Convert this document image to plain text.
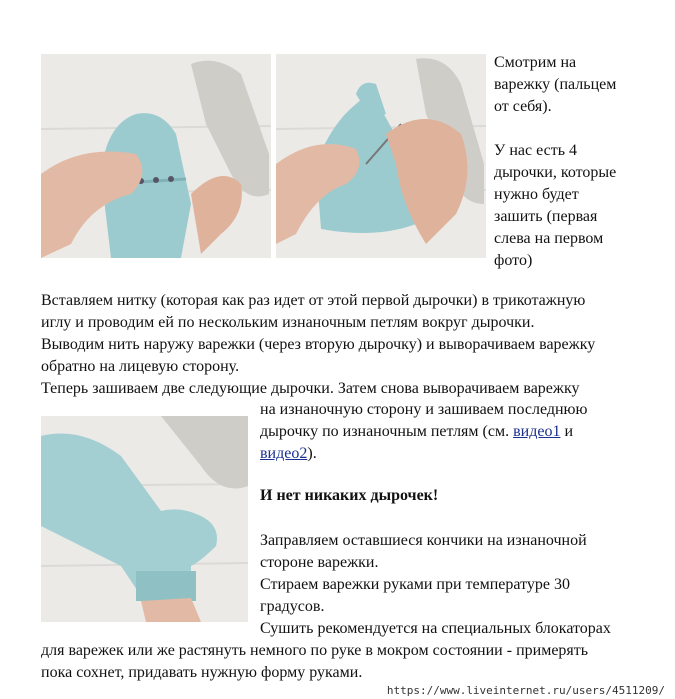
Смотрим на

варежку (пальцем

от себя).

У нас есть 4

дырочки, которые

нужно будет

зашить (первая

слева на первом

фото)

Вставляем нитку (которая как раз идет от этой первой дырочки) в трикотажную

иглу и проводим ей по нескольким изнаночным петлям вокруг дырочки.

Выводим нить наружу варежки (через вторую дырочку) и выворачиваем варежку

обратно на лицевую сторону.

Теперь зашиваем две следующие дырочки. Затем снова выворачиваем варежку

на изнаночную сторону и зашиваем последнюю

дырочку по изнаночным петлям (см. видео1 и

видео2).

И нет никаких дырочек!

Заправляем оставшиеся кончики на изнаночной

стороне варежки.

Стираем варежки руками при температуре 30

градусов.

Сушить рекомендуется на специальных блокаторах

для варежек или же растянуть немного по руке в мокром состоянии - примерять

пока сохнет, придавать нужную форму руками.

https://www.liveinternet.ru/users/4511209/
